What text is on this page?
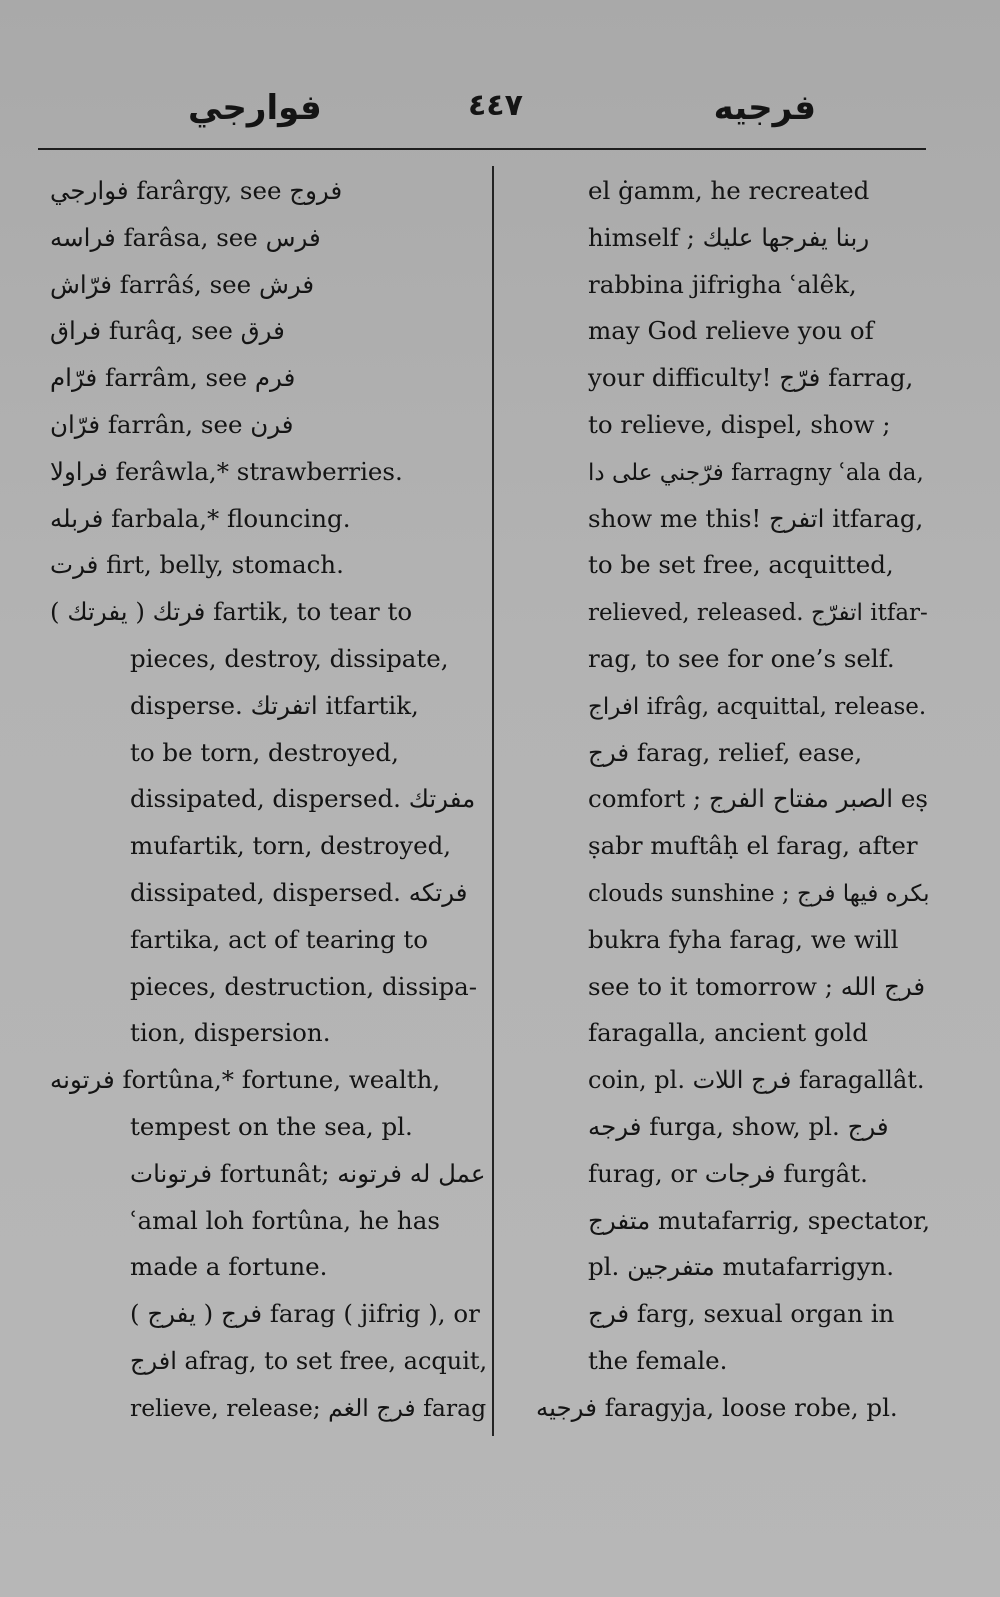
فوارجي	٤٤٧	فرجيه
فوارجي farârgy, see فروج
فراسه farâsa, see فرس
فرّاش farrâś, see فرش
فراق furâq, see فرق
فرّام farrâm, see فرم
فرّان farrân, see فرن
فراولا ferâwla,* strawberries.
فربله farbala,* flouncing.
فرت firt, belly, stomach.
فرتك ( يفرتك ) fartik, to tear to
pieces, destroy, dissipate,
disperse. اتفرتك itfartik,
to be torn, destroyed,
dissipated, dispersed. مفرتك
mufartik, torn, destroyed,
dissipated, dispersed. فرتكه
fartika, act of tearing to
pieces, destruction, dissipa-
tion, dispersion.
فرتونه fortûna,* fortune, wealth,
tempest on the sea, pl.
فرتونات fortunât; عمل له فرتونه
ʿamal loh fortûna, he has
made a fortune.
فرج ( يفرج ) farag ( jifrig ), or
افرج afrag, to set free, acquit,
relieve, release; فرج الغم farag
el ġamm, he recreated
himself ; ربنا يفرجها عليك
rabbina jifrigha ʿalêk,
may God relieve you of
your difficulty! فرّج farrag,
to relieve, dispel, show ;
فرّجني على دا farragny ʿala da,
show me this! اتفرج itfarag,
to be set free, acquitted,
relieved, released. اتفرّج itfar-
rag, to see for one’s self.
افراج ifrâg, acquittal, release.
فرج farag, relief, ease,
comfort ; الصبر مفتاح الفرج eṣ
ṣabr muftâḥ el farag, after
clouds sunshine ; بكره فيها فرج
bukra fyha farag, we will
see to it tomorrow ; فرج الله
faragalla, ancient gold
coin, pl. فرج اللات faragallât.
فرجه furga, show, pl. فرج
furag, or فرجات furgât.
متفرج mutafarrig, spectator,
pl. متفرجين mutafarrigyn.
فرج farg, sexual organ in
the female.
فرجيه faragyja, loose robe, pl.
